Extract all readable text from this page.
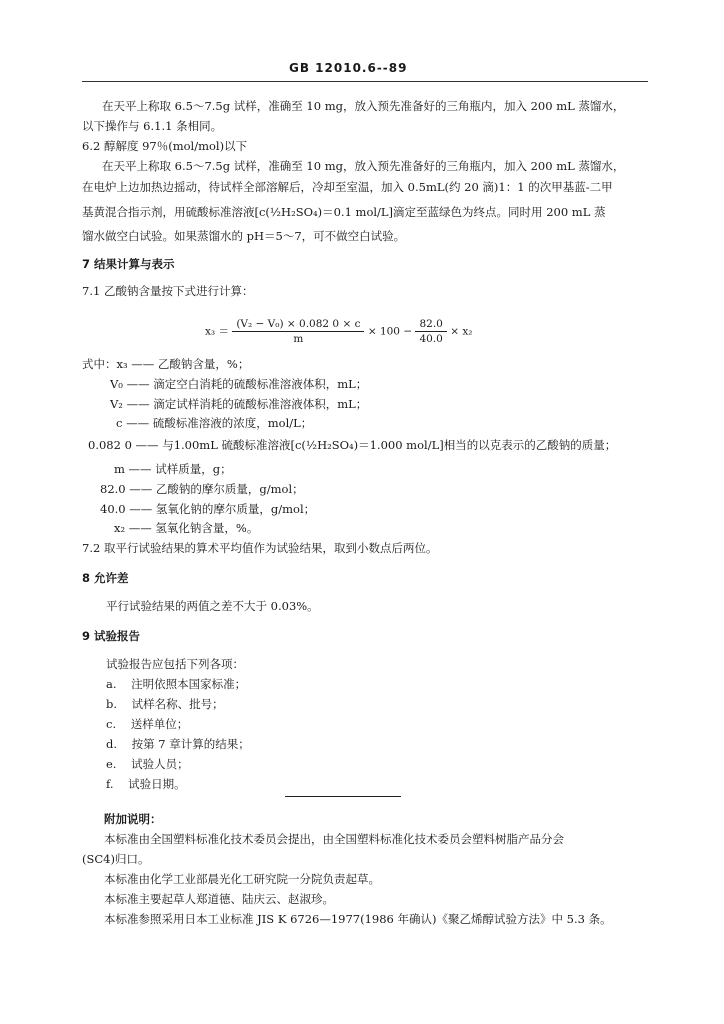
GB 12010.6--89
在天平上称取 6.5～7.5g 试样，准确至 10 mg，放入预先准备好的三角瓶内，加入 200 mL 蒸馏水，
以下操作与 6.1.1 条相同。
6.2 醇解度 97％(mol/mol)以下
在天平上称取 6.5～7.5g 试样，准确至 10 mg，放入预先准备好的三角瓶内，加入 200 mL 蒸馏水，
在电炉上边加热边摇动，待试样全部溶解后，冷却至室温，加入 0.5mL(约 20 滴)1：1 的次甲基蓝-二甲
基黄混合指示剂，用硫酸标准溶液[c(½H₂SO₄)＝0.1 mol/L]滴定至蓝绿色为终点。同时用 200 mL 蒸
馏水做空白试验。如果蒸馏水的 pH＝5～7，可不做空白试验。
7 结果计算与表示
7.1 乙酸钠含量按下式进行计算：
$x_3 = \frac{\text{(V₂ − V₀) × 0.082 0 × c}}{m} \times 100 - \frac{82.0}{40.0} \times x_2$
式中：x₃ —— 乙酸钠含量，%；
V₀ —— 滴定空白消耗的硫酸标准溶液体积，mL；
V₂ —— 滴定试样消耗的硫酸标准溶液体积，mL；
c —— 硫酸标准溶液的浓度，mol/L；
0.082 0 —— 与1.00mL 硫酸标准溶液[c(½H₂SO₄)＝1.000 mol/L]相当的以克表示的乙酸钠的质量；
m —— 试样质量，g；
82.0 —— 乙酸钠的摩尔质量，g/mol；
40.0 —— 氢氧化钠的摩尔质量，g/mol；
x₂ —— 氢氧化钠含量，%。
7.2 取平行试验结果的算术平均值作为试验结果，取到小数点后两位。
8 允许差
平行试验结果的两值之差不大于 0.03%。
9 试验报告
试验报告应包括下列各项：
a. 注明依照本国家标准；
b. 试样名称、批号；
c. 送样单位；
d. 按第 7 章计算的结果；
e. 试验人员；
f. 试验日期。
附加说明：
本标准由全国塑料标准化技术委员会提出，由全国塑料标准化技术委员会塑料树脂产品分会
(SC4)归口。
本标准由化学工业部晨光化工研究院一分院负责起草。
本标准主要起草人郑道德、陆庆云、赵淑珍。
本标准参照采用日本工业标准 JIS K 6726—1977(1986 年确认)《聚乙烯醇试验方法》中 5.3 条。
